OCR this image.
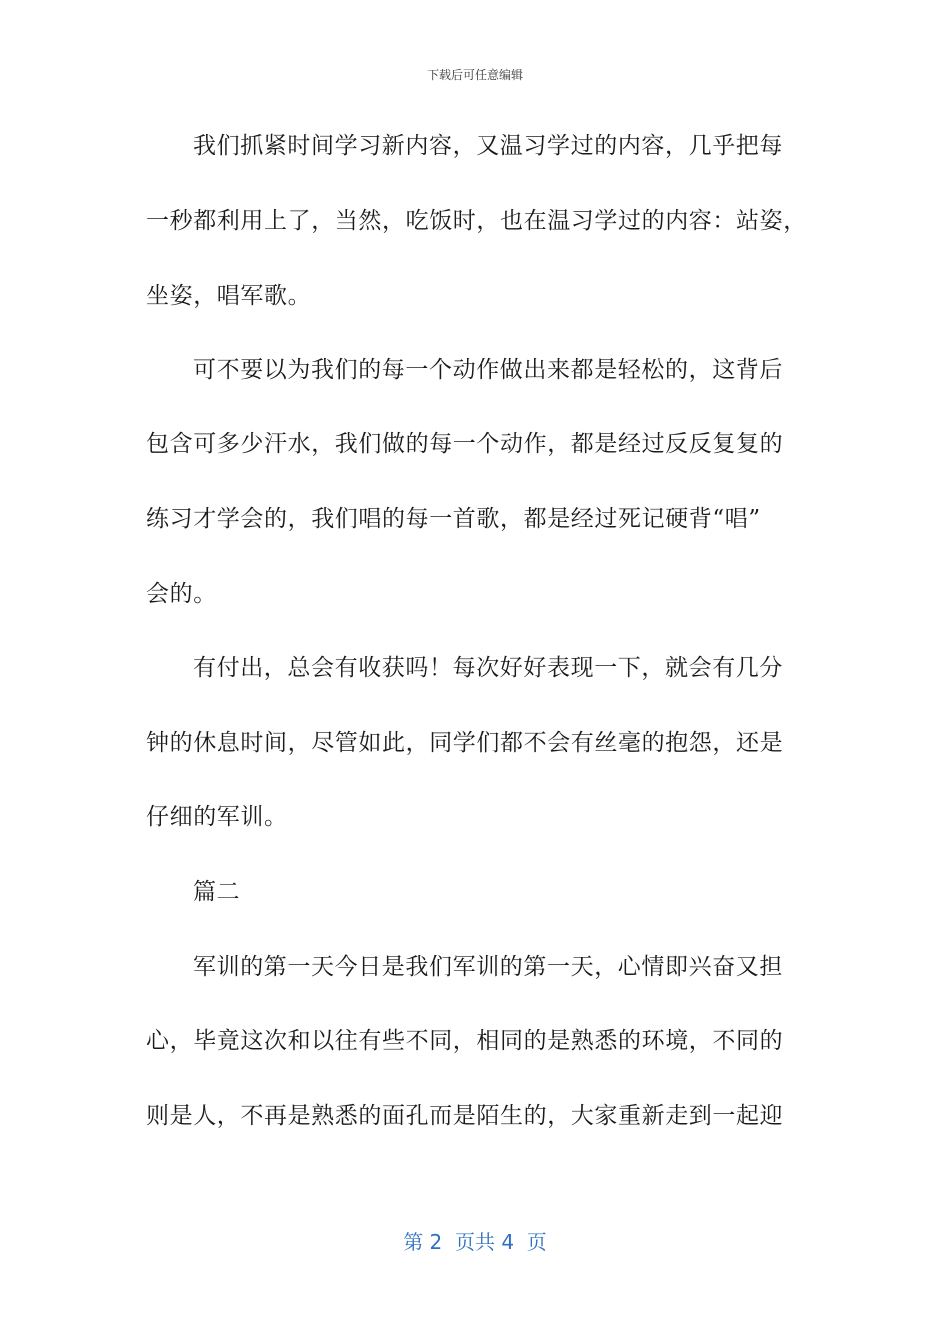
下载后可任意编辑
我们抓紧时间学习新内容，又温习学过的内容，几乎把每
一秒都利用上了，当然，吃饭时，也在温习学过的内容：站姿，
坐姿，唱军歌。
可不要以为我们的每一个动作做出来都是轻松的，这背后
包含可多少汗水，我们做的每一个动作，都是经过反反复复的
练习才学会的，我们唱的每一首歌，都是经过死记硬背“唱”
会的。
有付出，总会有收获吗！每次好好表现一下，就会有几分
钟的休息时间，尽管如此，同学们都不会有丝毫的抱怨，还是
仔细的军训。
篇二
军训的第一天今日是我们军训的第一天，心情即兴奋又担
心，毕竟这次和以往有些不同，相同的是熟悉的环境，不同的
则是人，不再是熟悉的面孔而是陌生的，大家重新走到一起迎
第 2  页共 4  页
